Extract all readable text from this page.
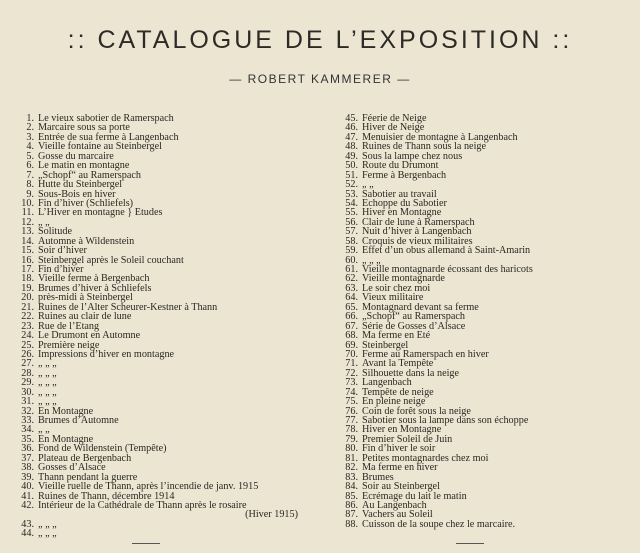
:: CATALOGUE DE L’EXPOSITION ::
— ROBERT KAMMERER —
1. Le vieux sabotier de Ramerspach
2. Marcaire sous sa porte
3. Entrée de sua ferme à Langenbach
4. Vieille fontaine au Steinbergel
5. Gosse du marcaire
6. Le matin en montagne
7. „Schopf“ au Ramerspach
8. Hutte du Steinbergel
9. Sous-Bois en hiver
10. Fin d’hiver (Schliefels)
11. L’Hiver en montagne } Etudes
12. „ „
13. Solitude
14. Automne à Wildenstein
15. Soir d’hiver
16. Steinbergel après le Soleil couchant
17. Fin d’hiver
18. Vieille ferme à Bergenbach
19. Brumes d’hiver à Schliefels
20. près-midi à Steinbergel
21. Ruines de l’Alter Scheurer-Kestner à Thann
22. Ruines au clair de lune
23. Rue de l’Etang
24. Le Drumont en Automne
25. Première neige
26. Impressions d’hiver en montagne
27. „ „ „
28. „ „ „
29. „ „ „
30. „ „ „
31. „ „ „
32. En Montagne
33. Brumes d’Automne
34. „ „
35. En Montagne
36. Fond de Wildenstein (Tempête)
37. Plateau de Bergenbach
38. Gosses d’Alsace
39. Thann pendant la guerre
40. Vieille ruelle de Thann, après l’incendie de janv. 1915
41. Ruines de Thann, décembre 1914
42. Intérieur de la Cathédrale de Thann après le rosaire
(Hiver 1915)
43. „ „ „
44. „ „ „
45. Féerie de Neige
46. Hiver de Neige
47. Menuisier de montagne à Langenbach
48. Ruines de Thann sous la neige
49. Sous la lampe chez nous
50. Route du Drumont
51. Ferme à Bergenbach
52. „ „
53. Sabotier au travail
54. Echoppe du Sabotier
55. Hiver en Montagne
56. Clair de lune à Ramerspach
57. Nuit d’hiver à Langenbach
58. Croquis de vieux militaires
59. Effet d’un obus allemand à Saint-Amarin
60. „ „ „
61. Vieille montagnarde écossant des haricots
62. Vieille montagnarde
63. Le soir chez moi
64. Vieux militaire
65. Montagnard devant sa ferme
66. „Schopf“ au Ramerspach
67. Série de Gosses d’Alsace
68. Ma ferme en Eté
69. Steinbergel
70. Ferme au Ramerspach en hiver
71. Avant la Tempête
72. Silhouette dans la neige
73. Langenbach
74. Tempête de neige
75. En pleine neige
76. Coin de forêt sous la neige
77. Sabotier sous la lampe dans son échoppe
78. Hiver en Montagne
79. Premier Soleil de Juin
80. Fin d’hiver le soir
81. Petites montagnardes chez moi
82. Ma ferme en hiver
83. Brumes
84. Soir au Steinbergel
85. Ecrémage du lait le matin
86. Au Langenbach
87. Vachers au Soleil
88. Cuisson de la soupe chez le marcaire.
